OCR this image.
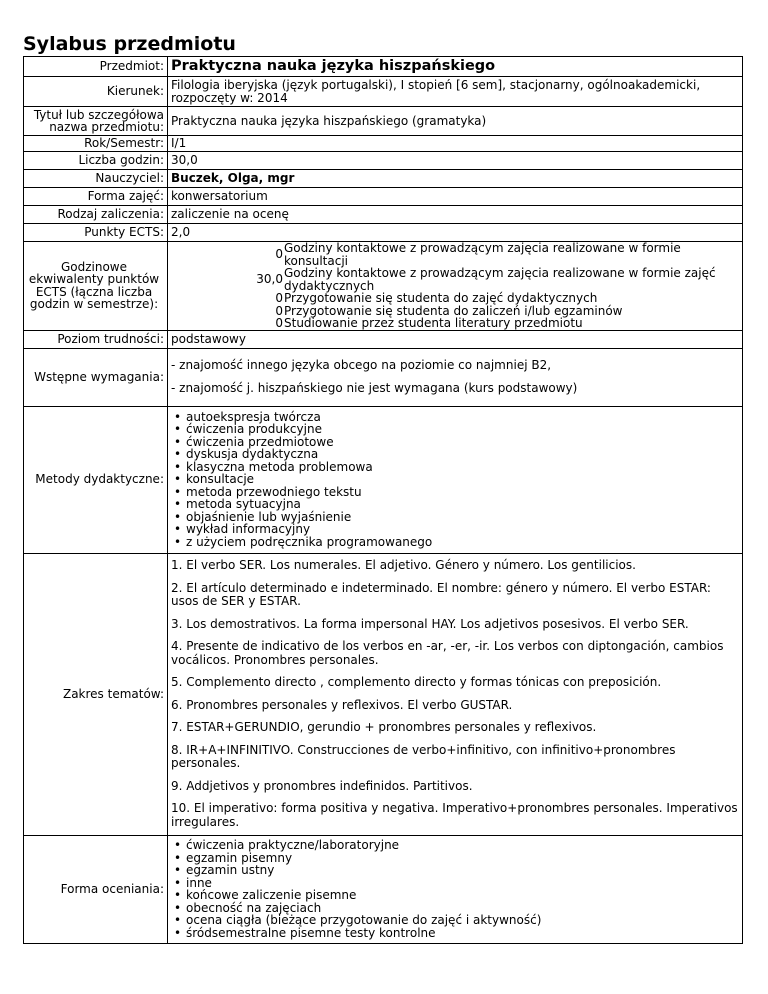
Sylabus przedmiotu
Przedmiot:	Praktyczna nauka języka hiszpańskiego
Kierunek:	Filologia iberyjska (język portugalski), I stopień [6 sem], stacjonarny, ogólnoakademicki,
rozpoczęty w: 2014

Tytuł lub szczegółowa
nazwa przedmiotu:	Praktyczna nauka języka hiszpańskiego (gramatyka)
Rok/Semestr:	I/1
Liczba godzin:	30,0
Nauczyciel:	Buczek, Olga, mgr
Forma zajęć:	konwersatorium
Rodzaj zaliczenia:	zaliczenie na ocenę
Punkty ECTS:	2,0

Godzinowe
ekwiwalenty punktów
ECTS (łączna liczba
godzin w semestrze):

0	Godziny kontaktowe z prowadzącym zajęcia realizowane w formie konsultacji
30,0	Godziny kontaktowe z prowadzącym zajęcia realizowane w formie zajęć dydaktycznych
0	Przygotowanie się studenta do zajęć dydaktycznych
0	Przygotowanie się studenta do zaliczeń i/lub egzaminów
0	Studiowanie przez studenta literatury przedmiotu

Poziom trudności:	podstawowy
Wstępne wymagania:	

- znajomość innego języka obcego na poziomie co najmniej B2,

- znajomość j. hiszpańskiego nie jest wymagana (kurs podstawowy)

Metody dydaktyczne:	
• autoekspresja twórcza
• ćwiczenia produkcyjne
• ćwiczenia przedmiotowe
• dyskusja dydaktyczna
• klasyczna metoda problemowa
• konsultacje
• metoda przewodniego tekstu
• metoda sytuacyjna
• objaśnienie lub wyjaśnienie
• wykład informacyjny
• z użyciem podręcznika programowanego

Zakres tematów:	

1. El verbo SER. Los numerales. El adjetivo. Género y número. Los gentilicios.

2. El artículo determinado e indeterminado. El nombre: género y número. El verbo ESTAR: usos de SER y ESTAR.

3. Los demostrativos. La forma impersonal HAY. Los adjetivos posesivos. El verbo SER.

4. Presente de indicativo de los verbos en -ar, -er, -ir. Los verbos con diptongación, cambios vocálicos. Pronombres personales.

5. Complemento directo , complemento directo y formas tónicas con preposición.

6. Pronombres personales y reflexivos. El verbo GUSTAR.

7. ESTAR+GERUNDIO, gerundio + pronombres personales y reflexivos.

8. IR+A+INFINITIVO. Construcciones de verbo+infinitivo, con infinitivo+pronombres personales.

9. Addjetivos y pronombres indefinidos. Partitivos.

10. El imperativo: forma positiva y negativa. Imperativo+pronombres personales. Imperativos irregulares.

Forma oceniania:	
• ćwiczenia praktyczne/laboratoryjne
• egzamin pisemny
• egzamin ustny
• inne
• końcowe zaliczenie pisemne
• obecność na zajęciach
• ocena ciągła (bieżące przygotowanie do zajęć i aktywność)
• śródsemestralne pisemne testy kontrolne
